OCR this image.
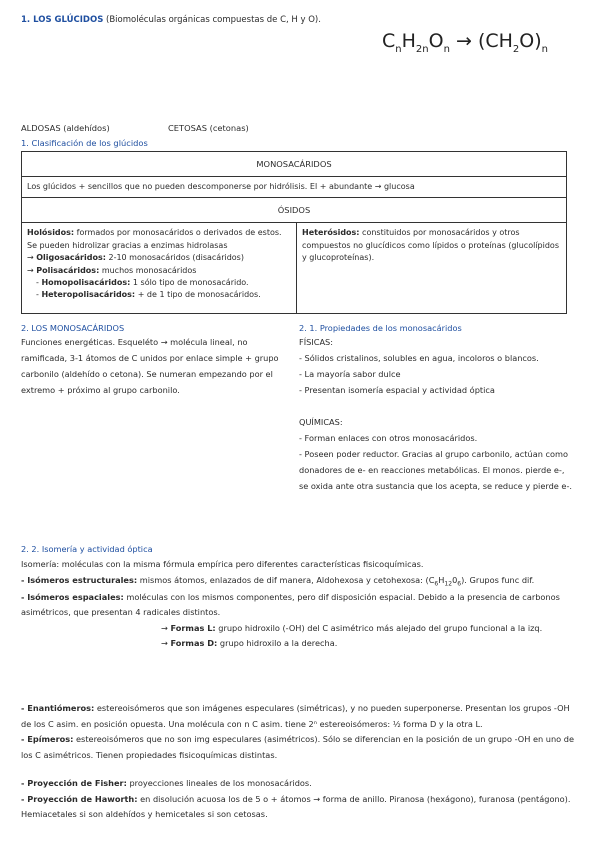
1. LOS GLÚCIDOS (Biomoléculas orgánicas compuestas de C, H y O).
$C_nH_{2n}O_n \to (CH_2O)_n$
ALDOSAS (aldehídos)	CETOSAS (cetonas)
1. Clasificación de los glúcidos
MONOSACÁRIDOS
Los glúcidos + sencillos que no pueden descomponerse por hidrólisis. El + abundante → glucosa
ÓSIDOS
Holósidos: formados por monosacáridos o derivados de estos. Se pueden hidrolizar gracias a enzimas hidrolasas
→ Oligosacáridos: 2-10 monosacáridos (disacáridos)
→ Polisacáridos: muchos monosacáridos
- Homopolisacáridos: 1 sólo tipo de monosacárido.
- Heteropolisacáridos: + de 1 tipo de monosacáridos.	Heterósidos: constituidos por monosacáridos y otros compuestos no glucídicos como lípidos o proteínas (glucolípidos y glucoproteínas).
2. LOS MONOSACÁRIDOS
Funciones energéticas. Esqueléto → molécula lineal, no ramificada, 3-1 átomos de C unidos por enlace simple + grupo carbonilo (aldehído o cetona). Se numeran empezando por el extremo + próximo al grupo carbonilo.
2. 1. Propiedades de los monosacáridos
FÍSICAS:
- Sólidos cristalinos, solubles en agua, incoloros o blancos.
- La mayoría sabor dulce
- Presentan isomería espacial y actividad óptica
QUÍMICAS:
- Forman enlaces con otros monosacáridos.
- Poseen poder reductor. Gracias al grupo carbonilo, actúan como donadores de e- en reacciones metabólicas. El monos. pierde e-, se oxida ante otra sustancia que los acepta, se reduce y pierde e-.
2. 2. Isomería y actividad óptica
Isomería: moléculas con la misma fórmula empírica pero diferentes características fisicoquímicas.
- Isómeros estructurales: mismos átomos, enlazados de dif manera, Aldohexosa y cetohexosa: $(C_6H_{12}0_6)$. Grupos func dif.
- Isómeros espaciales: moléculas con los mismos componentes, pero dif disposición espacial. Debido a la presencia de carbonos asimétricos, que presentan 4 radicales distintos.
→ Formas L: grupo hidroxilo (-OH) del C asimétrico más alejado del grupo funcional a la izq.
→ Formas D: grupo hidroxilo a la derecha.
- Enantiómeros: estereoisómeros que son imágenes especulares (simétricas), y no pueden superponerse. Presentan los grupos -OH de los C asim. en posición opuesta. Una molécula con n C asim. tiene 2ⁿ estereoisómeros: ½ forma D y la otra L.
- Epímeros: estereoisómeros que no son img especulares (asimétricos). Sólo se diferencian en la posición de un grupo -OH en uno de los C asimétricos. Tienen propiedades fisicoquímicas distintas.
- Proyección de Fisher: proyecciones lineales de los monosacáridos.
- Proyección de Haworth: en disolución acuosa los de 5 o + átomos → forma de anillo. Piranosa (hexágono), furanosa (pentágono). Hemiacetales si son aldehídos y hemicetales si son cetosas.
